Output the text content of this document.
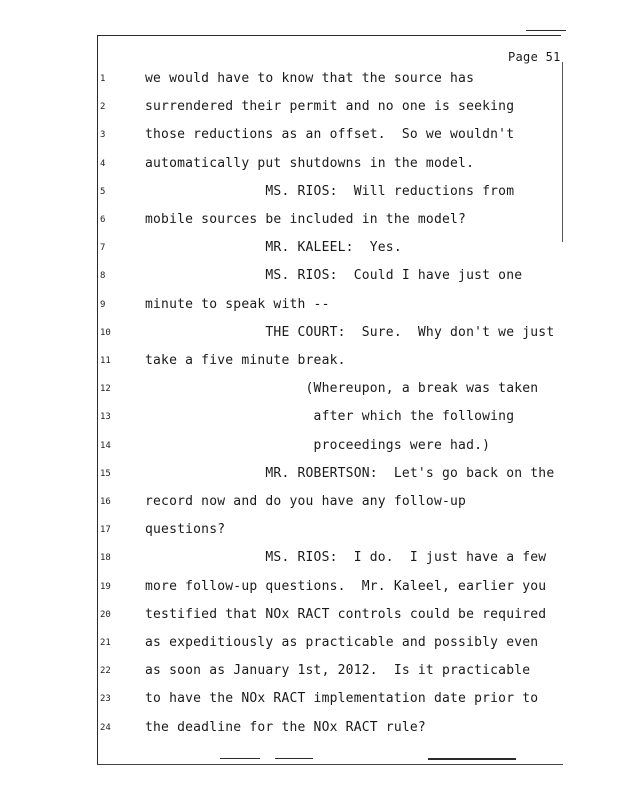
Page 51
1	we would have to know that the source has
2	surrendered their permit and no one is seeking
3	those reductions as an offset.  So we wouldn't
4	automatically put shutdowns in the model.
5	MS. RIOS:  Will reductions from
6	mobile sources be included in the model?
7	MR. KALEEL:  Yes.
8	MS. RIOS:  Could I have just one
9	minute to speak with --
10	THE COURT:  Sure.  Why don't we just
11	take a five minute break.
12	(Whereupon, a break was taken
13	after which the following
14	proceedings were had.)
15	MR. ROBERTSON:  Let's go back on the
16	record now and do you have any follow-up
17	questions?
18	MS. RIOS:  I do.  I just have a few
19	more follow-up questions.  Mr. Kaleel, earlier you
20	testified that NOx RACT controls could be required
21	as expeditiously as practicable and possibly even
22	as soon as January 1st, 2012.  Is it practicable
23	to have the NOx RACT implementation date prior to
24	the deadline for the NOx RACT rule?
